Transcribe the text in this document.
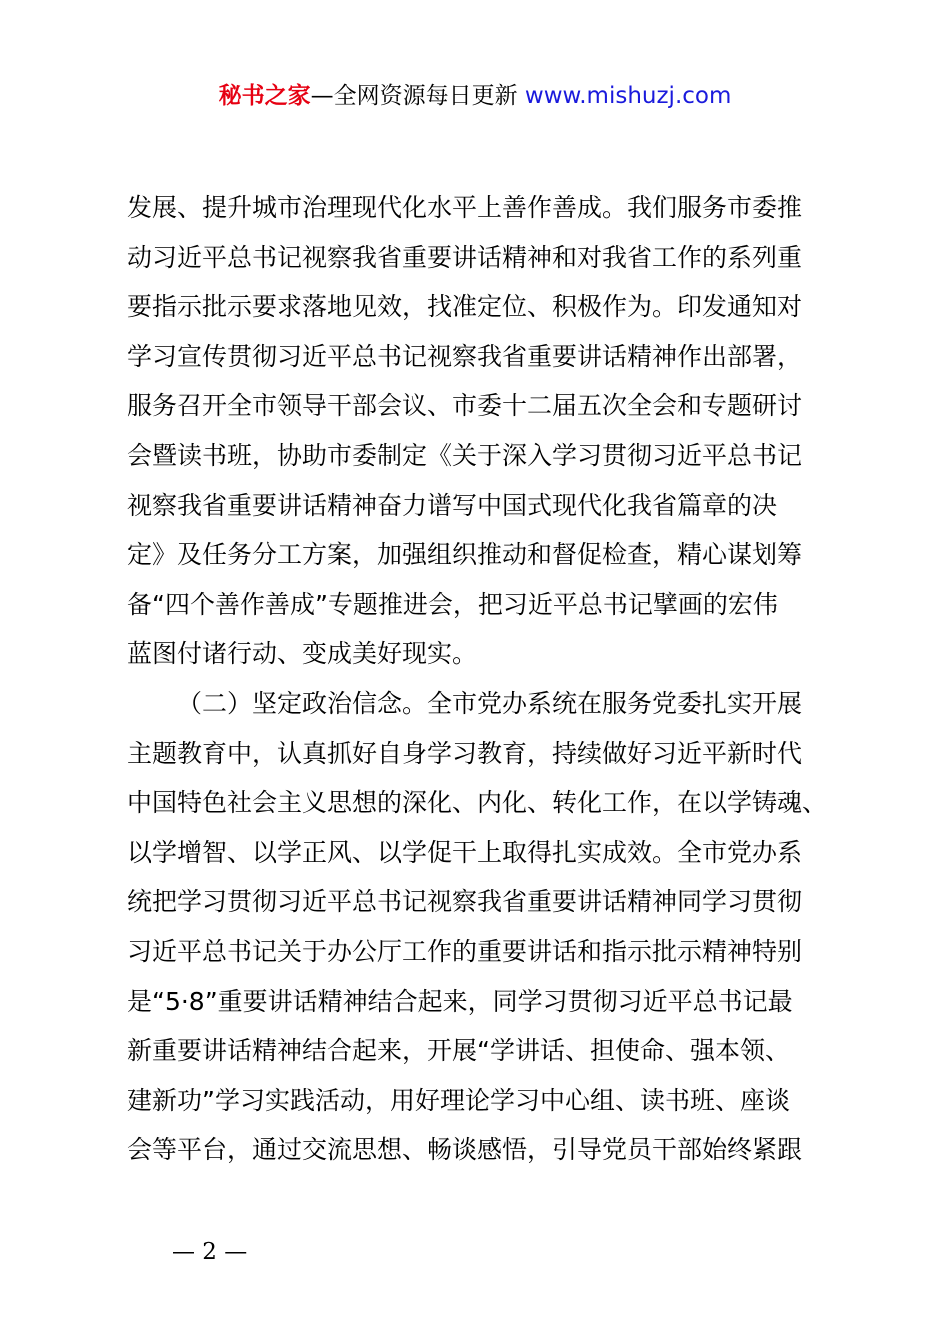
秘书之家—全网资源每日更新 www.mishuzj.com
发展、提升城市治理现代化水平上善作善成。我们服务市委推
动习近平总书记视察我省重要讲话精神和对我省工作的系列重
要指示批示要求落地见效，找准定位、积极作为。印发通知对
学习宣传贯彻习近平总书记视察我省重要讲话精神作出部署，
服务召开全市领导干部会议、市委十二届五次全会和专题研讨
会暨读书班，协助市委制定《关于深入学习贯彻习近平总书记
视察我省重要讲话精神奋力谱写中国式现代化我省篇章的决
定》及任务分工方案，加强组织推动和督促检查，精心谋划筹
备“四个善作善成”专题推进会，把习近平总书记擘画的宏伟
蓝图付诸行动、变成美好现实。
（二）坚定政治信念。全市党办系统在服务党委扎实开展
主题教育中，认真抓好自身学习教育，持续做好习近平新时代
中国特色社会主义思想的深化、内化、转化工作，在以学铸魂、
以学增智、以学正风、以学促干上取得扎实成效。全市党办系
统把学习贯彻习近平总书记视察我省重要讲话精神同学习贯彻
习近平总书记关于办公厅工作的重要讲话和指示批示精神特别
是“5·8”重要讲话精神结合起来，同学习贯彻习近平总书记最
新重要讲话精神结合起来，开展“学讲话、担使命、强本领、
建新功”学习实践活动，用好理论学习中心组、读书班、座谈
会等平台，通过交流思想、畅谈感悟，引导党员干部始终紧跟
— 2 —
